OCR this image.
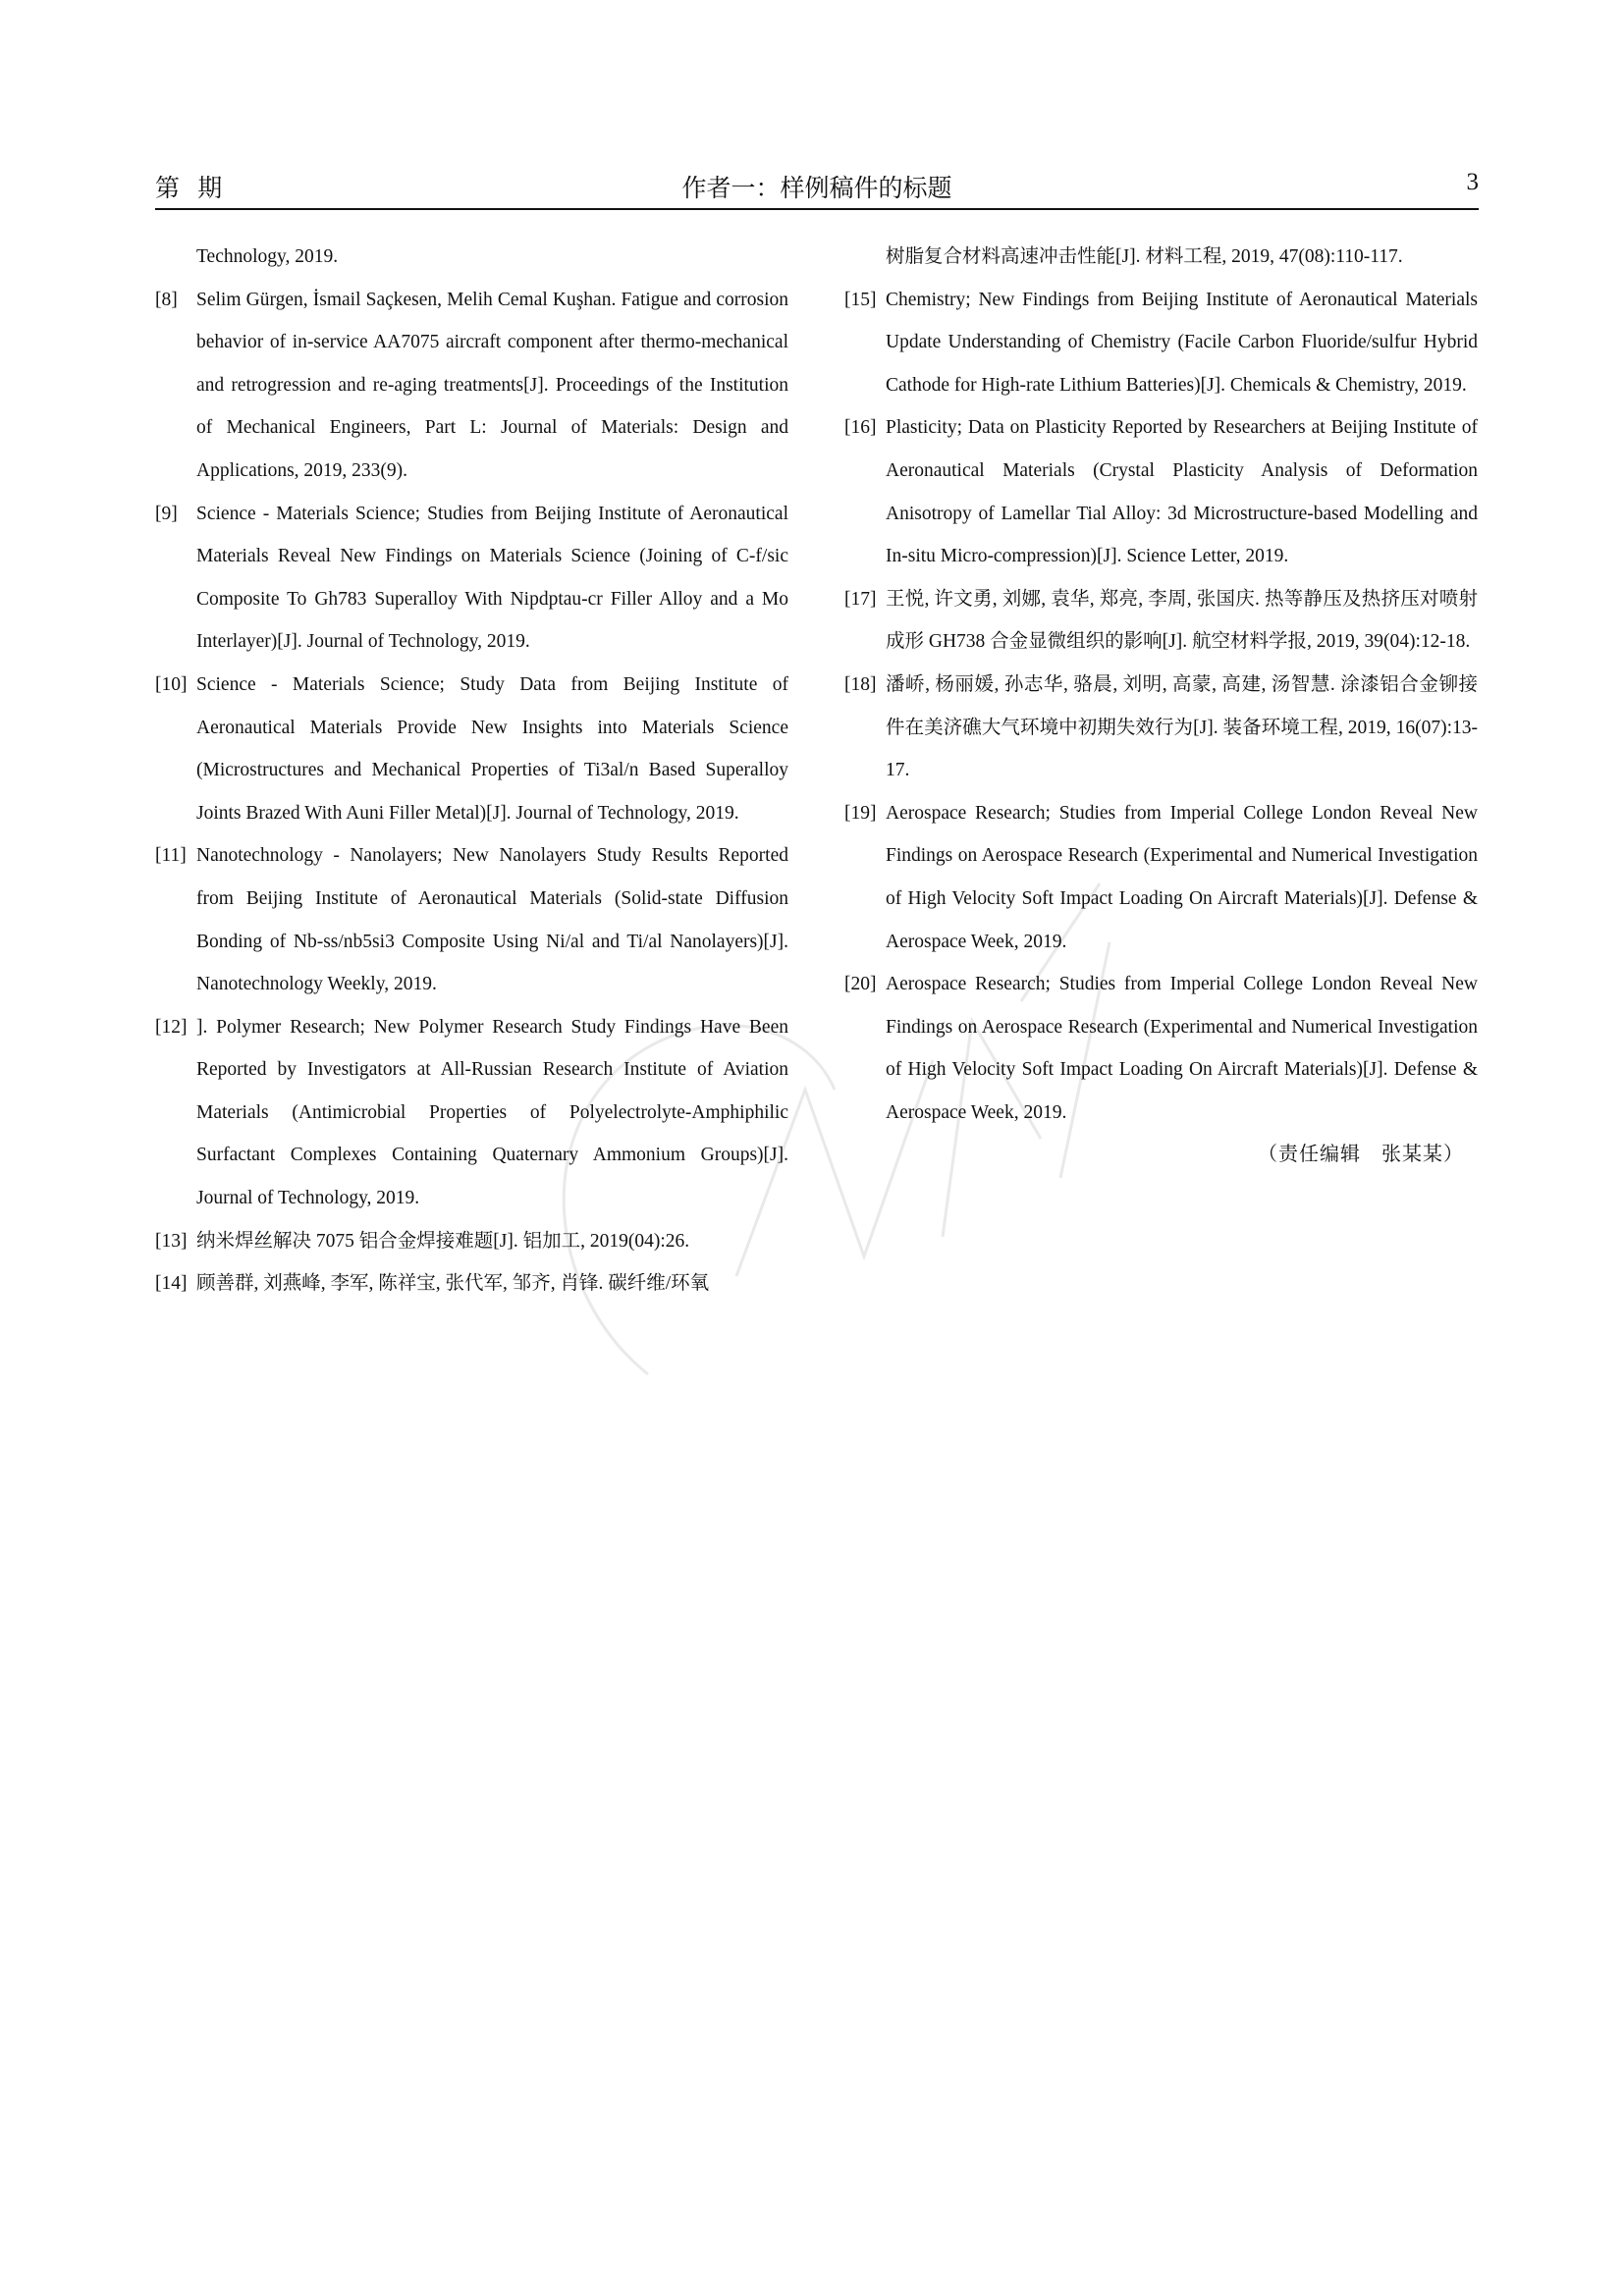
第 期	作者一：样例稿件的标题	3
Technology, 2019.
[8] Selim Gürgen, İsmail Saçkesen, Melih Cemal Kuşhan. Fatigue and corrosion behavior of in-service AA7075 aircraft component after thermo-mechanical and retrogression and re-aging treatments[J]. Proceedings of the Institution of Mechanical Engineers, Part L: Journal of Materials: Design and Applications, 2019, 233(9).
[9] Science - Materials Science; Studies from Beijing Institute of Aeronautical Materials Reveal New Findings on Materials Science (Joining of C-f/sic Composite To Gh783 Superalloy With Nipdptau-cr Filler Alloy and a Mo Interlayer)[J]. Journal of Technology, 2019.
[10] Science - Materials Science; Study Data from Beijing Institute of Aeronautical Materials Provide New Insights into Materials Science (Microstructures and Mechanical Properties of Ti3al/n Based Superalloy Joints Brazed With Auni Filler Metal)[J]. Journal of Technology, 2019.
[11] Nanotechnology - Nanolayers; New Nanolayers Study Results Reported from Beijing Institute of Aeronautical Materials (Solid-state Diffusion Bonding of Nb-ss/nb5si3 Composite Using Ni/al and Ti/al Nanolayers)[J]. Nanotechnology Weekly, 2019.
[12] ]. Polymer Research; New Polymer Research Study Findings Have Been Reported by Investigators at All-Russian Research Institute of Aviation Materials (Antimicrobial Properties of Polyelectrolyte-Amphiphilic Surfactant Complexes Containing Quaternary Ammonium Groups)[J]. Journal of Technology, 2019.
[13] 纳米焊丝解决 7075 铝合金焊接难题[J]. 铝加工, 2019(04):26.
[14] 顾善群, 刘燕峰, 李军, 陈祥宝, 张代军, 邹齐, 肖锋. 碳纤维/环氧
树脂复合材料高速冲击性能[J]. 材料工程, 2019, 47(08):110-117.
[15] Chemistry; New Findings from Beijing Institute of Aeronautical Materials Update Understanding of Chemistry (Facile Carbon Fluoride/sulfur Hybrid Cathode for High-rate Lithium Batteries)[J]. Chemicals & Chemistry, 2019.
[16] Plasticity; Data on Plasticity Reported by Researchers at Beijing Institute of Aeronautical Materials (Crystal Plasticity Analysis of Deformation Anisotropy of Lamellar Tial Alloy: 3d Microstructure-based Modelling and In-situ Micro-compression)[J]. Science Letter, 2019.
[17] 王悦, 许文勇, 刘娜, 袁华, 郑亮, 李周, 张国庆. 热等静压及热挤压对喷射成形 GH738 合金显微组织的影响[J]. 航空材料学报, 2019, 39(04):12-18.
[18] 潘峤, 杨丽媛, 孙志华, 骆晨, 刘明, 高蒙, 高建, 汤智慧. 涂漆铝合金铆接件在美济礁大气环境中初期失效行为[J]. 装备环境工程, 2019, 16(07):13-17.
[19] Aerospace Research; Studies from Imperial College London Reveal New Findings on Aerospace Research (Experimental and Numerical Investigation of High Velocity Soft Impact Loading On Aircraft Materials)[J]. Defense & Aerospace Week, 2019.
[20] Aerospace Research; Studies from Imperial College London Reveal New Findings on Aerospace Research (Experimental and Numerical Investigation of High Velocity Soft Impact Loading On Aircraft Materials)[J]. Defense & Aerospace Week, 2019.
（责任编辑　张某某）
